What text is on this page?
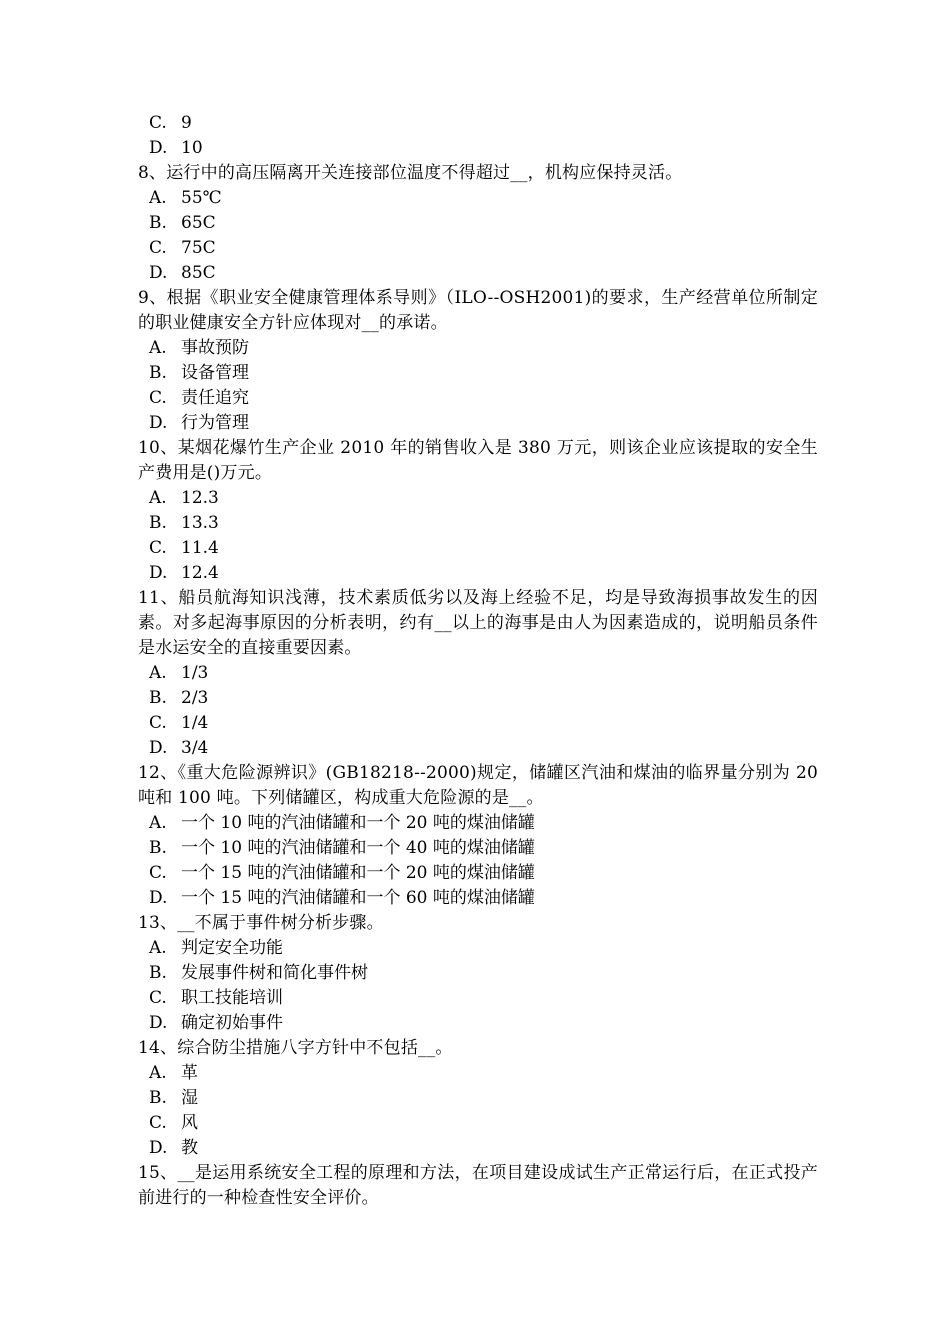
C. 9
D. 10

8、运行中的高压隔离开关连接部位温度不得超过__，机构应保持灵活。

A. 55℃
B. 65C
C. 75C
D. 85C

9、根据《职业安全健康管理体系导则》（ILO--OSH2001)的要求，生产经营单位所制定的职业健康安全方针应体现对__的承诺。

A. 事故预防
B. 设备管理
C. 责任追究
D. 行为管理

10、某烟花爆竹生产企业 2010 年的销售收入是 380 万元，则该企业应该提取的安全生产费用是()万元。

A. 12.3
B. 13.3
C. 11.4
D. 12.4

11、船员航海知识浅薄，技术素质低劣以及海上经验不足，均是导致海损事故发生的因素。对多起海事原因的分析表明，约有__以上的海事是由人为因素造成的，说明船员条件是水运安全的直接重要因素。

A. 1/3
B. 2/3
C. 1/4
D. 3/4

12、《重大危险源辨识》(GB18218--2000)规定，储罐区汽油和煤油的临界量分别为 20 吨和 100 吨。下列储罐区，构成重大危险源的是__。

A. 一个 10 吨的汽油储罐和一个 20 吨的煤油储罐
B. 一个 10 吨的汽油储罐和一个 40 吨的煤油储罐
C. 一个 15 吨的汽油储罐和一个 20 吨的煤油储罐
D. 一个 15 吨的汽油储罐和一个 60 吨的煤油储罐

13、__不属于事件树分析步骤。

A. 判定安全功能
B. 发展事件树和简化事件树
C. 职工技能培训
D. 确定初始事件

14、综合防尘措施八字方针中不包括__。

A. 革
B. 湿
C. 风
D. 教

15、__是运用系统安全工程的原理和方法，在项目建设成试生产正常运行后，在正式投产前进行的一种检查性安全评价。
